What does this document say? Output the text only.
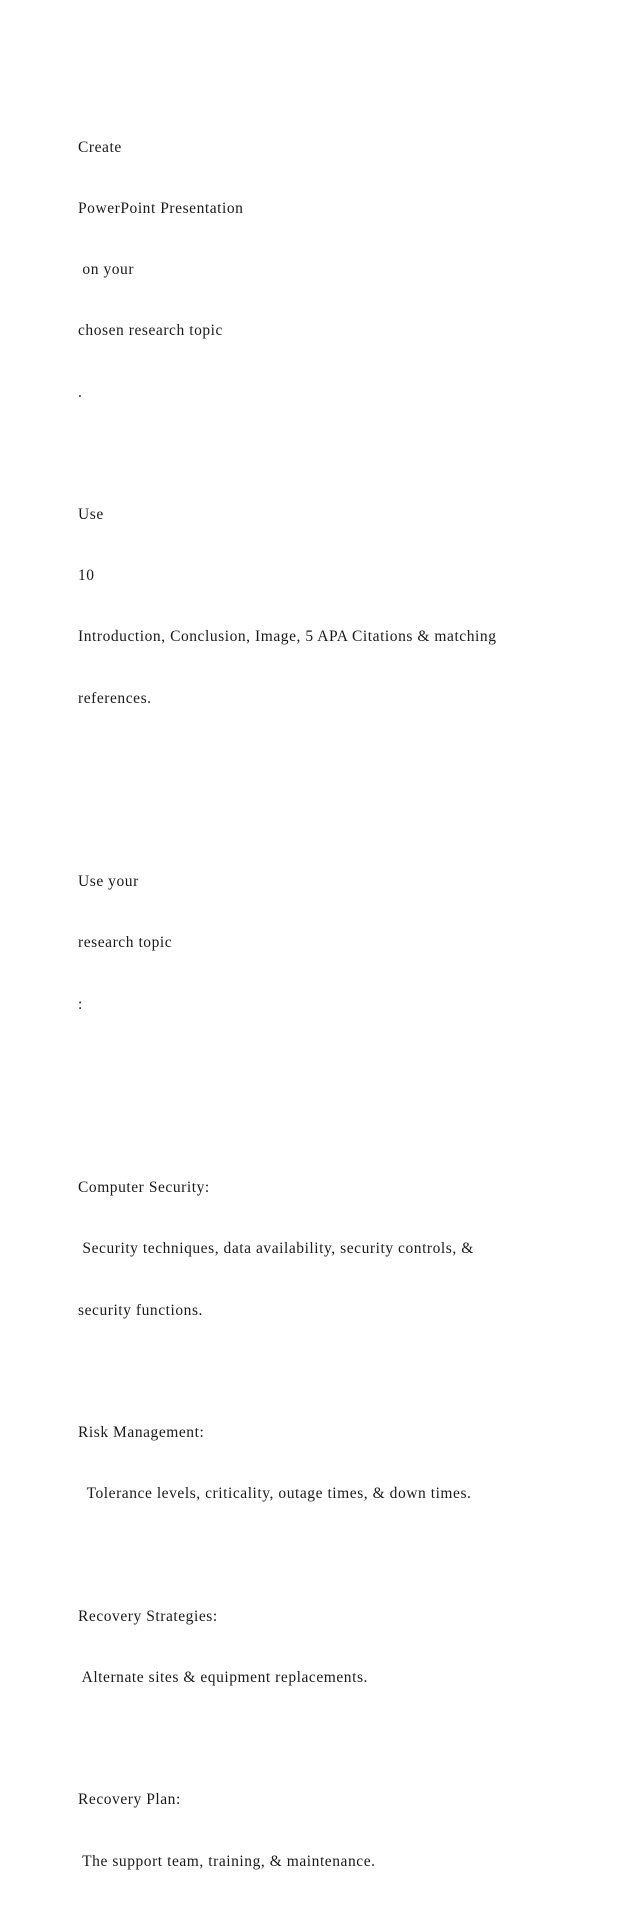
Create

PowerPoint Presentation

on your

chosen research topic

.

Use

10

Introduction, Conclusion, Image, 5 APA Citations & matching

references.

Use your

research topic

:

Computer Security:

Security techniques, data availability, security controls, &

security functions.

Risk Management:

Tolerance levels, criticality, outage times, & down times.

Recovery Strategies:

Alternate sites & equipment replacements.

Recovery Plan:

The support team, training, & maintenance.
